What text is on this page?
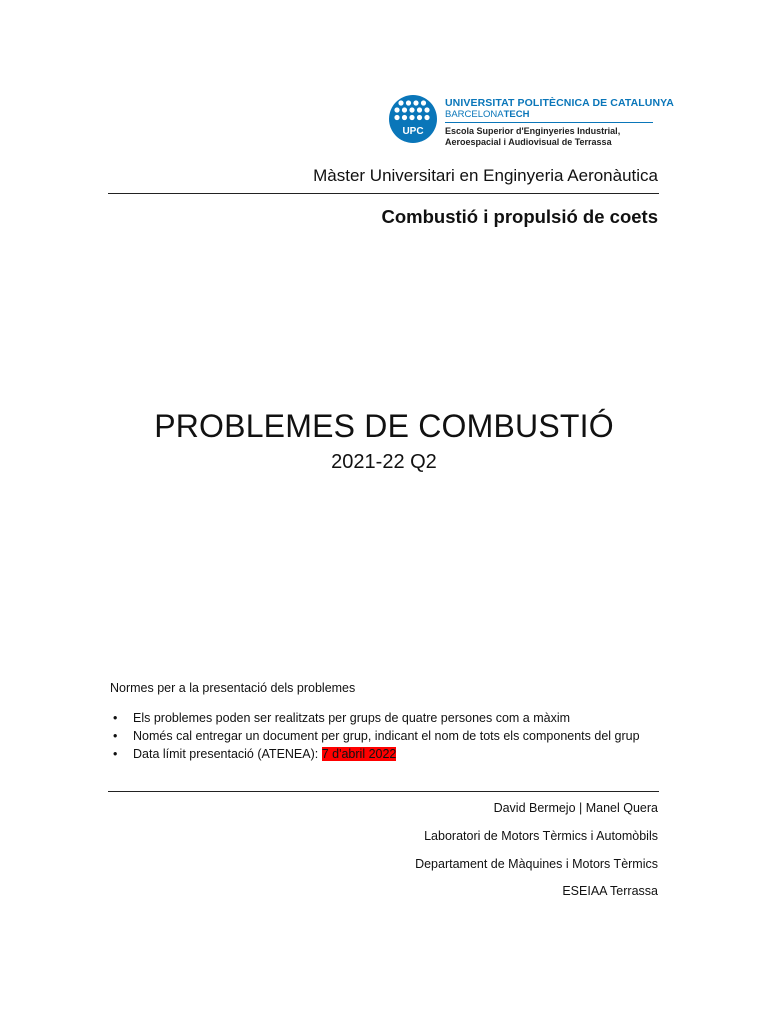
UPC
UNIVERSITAT POLITÈCNICA DE CATALUNYA
BARCELONATECH
Escola Superior d'Enginyeries Industrial,
Aeroespacial i Audiovisual de Terrassa
Màster Universitari en Enginyeria Aeronàutica
Combustió i propulsió de coets
PROBLEMES DE COMBUSTIÓ
2021-22 Q2
Normes per a la presentació dels problemes
• Els problemes poden ser realitzats per grups de quatre persones com a màxim
• Només cal entregar un document per grup, indicant el nom de tots els components del grup
• Data límit presentació (ATENEA): 7 d'abril 2022
David Bermejo | Manel Quera
Laboratori de Motors Tèrmics i Automòbils
Departament de Màquines i Motors Tèrmics
ESEIAA Terrassa
